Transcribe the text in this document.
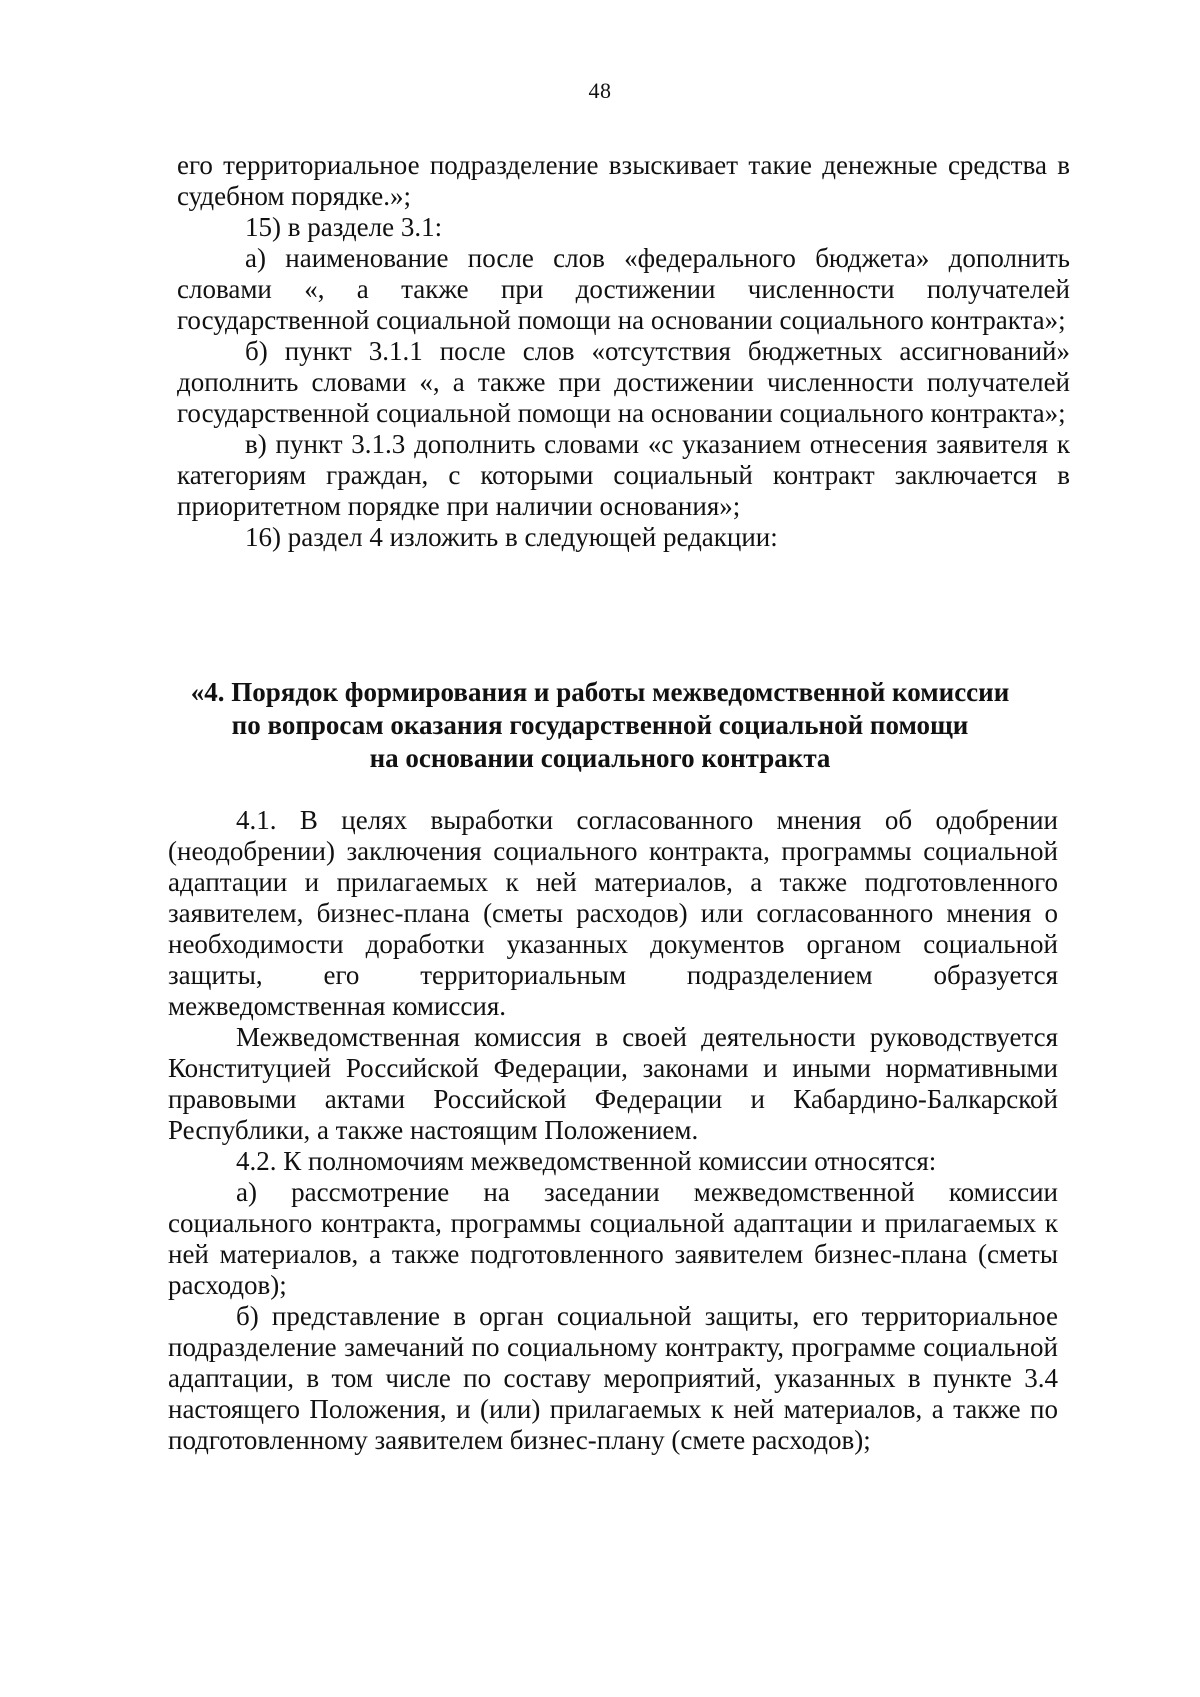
48

его территориальное подразделение взыскивает такие денежные средства в судебном порядке.»;

15) в разделе 3.1:

а) наименование после слов «федерального бюджета» дополнить словами «, а также при достижении численности получателей государственной социальной помощи на основании социального контракта»;

б) пункт 3.1.1 после слов «отсутствия бюджетных ассигнований» дополнить словами «, а также при достижении численности получателей государственной социальной помощи на основании социального контракта»;

в) пункт 3.1.3 дополнить словами «с указанием отнесения заявителя к категориям граждан, с которыми социальный контракт заключается в приоритетном порядке при наличии основания»;

16) раздел 4 изложить в следующей редакции:

«4. Порядок формирования и работы межведомственной комиссии
по вопросам оказания государственной социальной помощи
на основании социального контракта

4.1. В целях выработки согласованного мнения об одобрении (неодобрении) заключения социального контракта, программы социальной адаптации и прилагаемых к ней материалов, а также подготовленного заявителем, бизнес-плана (сметы расходов) или согласованного мнения о необходимости доработки указанных документов органом социальной защиты, его территориальным подразделением образуется межведомственная комиссия.

Межведомственная комиссия в своей деятельности руководствуется Конституцией Российской Федерации, законами и иными нормативными правовыми актами Российской Федерации и Кабардино-Балкарской Республики, а также настоящим Положением.

4.2. К полномочиям межведомственной комиссии относятся:

а) рассмотрение на заседании межведомственной комиссии социального контракта, программы социальной адаптации и прилагаемых к ней материалов, а также подготовленного заявителем бизнес-плана (сметы расходов);

б) представление в орган социальной защиты, его территориальное подразделение замечаний по социальному контракту, программе социальной адаптации, в том числе по составу мероприятий, указанных в пункте 3.4 настоящего Положения, и (или) прилагаемых к ней материалов, а также по подготовленному заявителем бизнес-плану (смете расходов);
